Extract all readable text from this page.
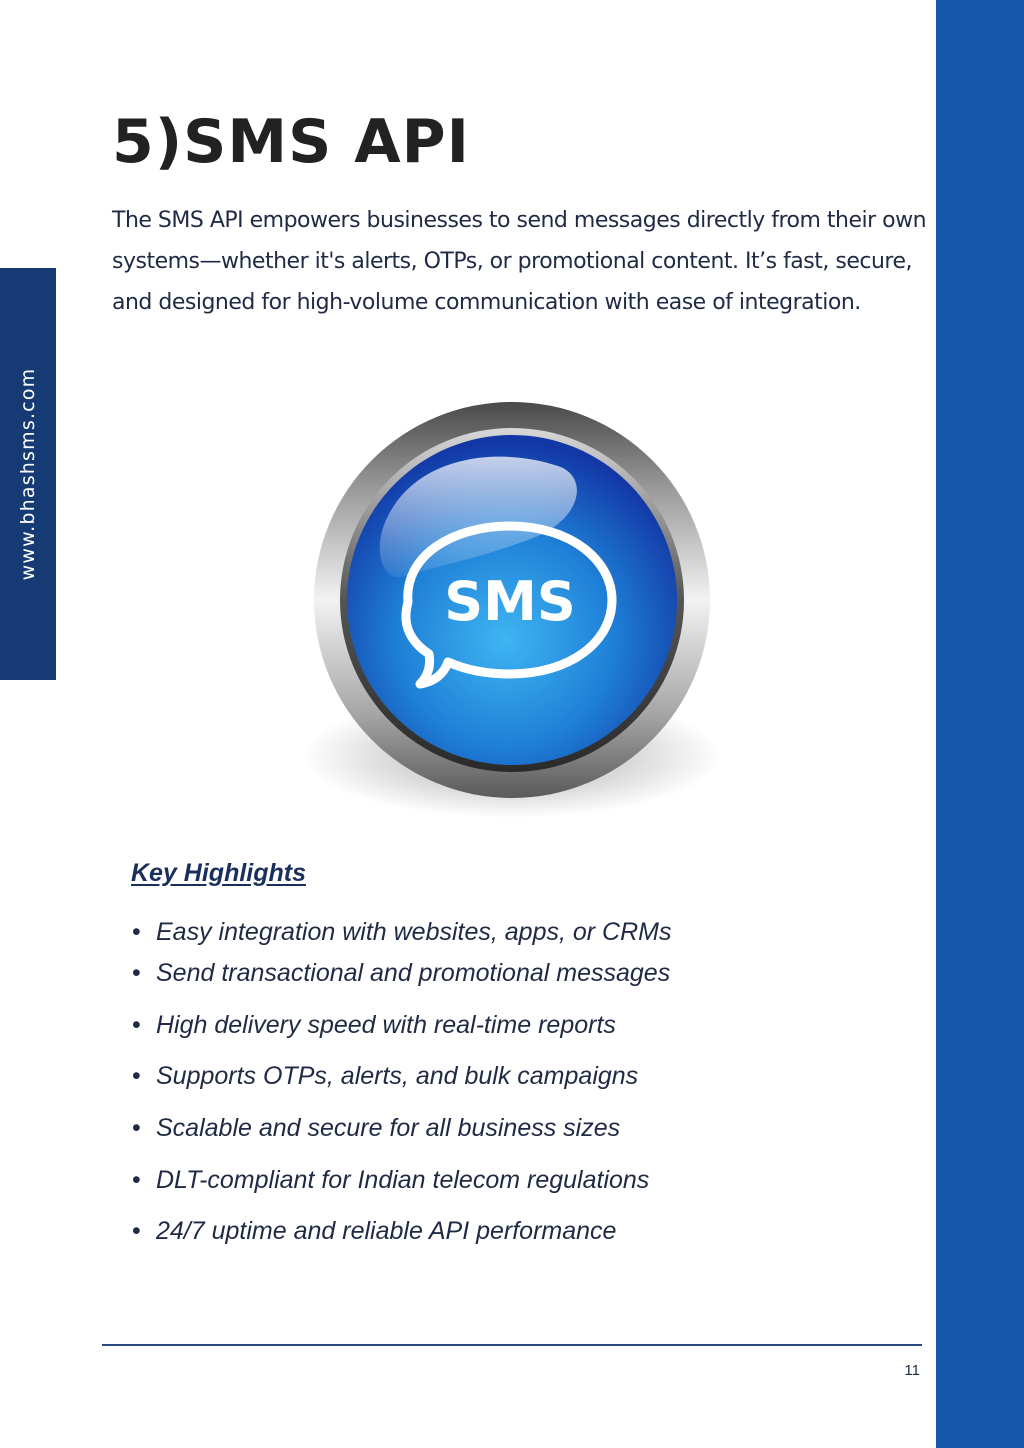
www.bhashsms.com
5)SMS API

The SMS API empowers businesses to send messages directly from their own systems—whether it's alerts, OTPs, or promotional content. It’s fast, secure, and designed for high-volume communication with ease of integration.

SMS
Key Highlights
• Easy integration with websites, apps, or CRMs
• Send transactional and promotional messages
• High delivery speed with real-time reports
• Supports OTPs, alerts, and bulk campaigns
• Scalable and secure for all business sizes
• DLT-compliant for Indian telecom regulations
• 24/7 uptime and reliable API performance
11
